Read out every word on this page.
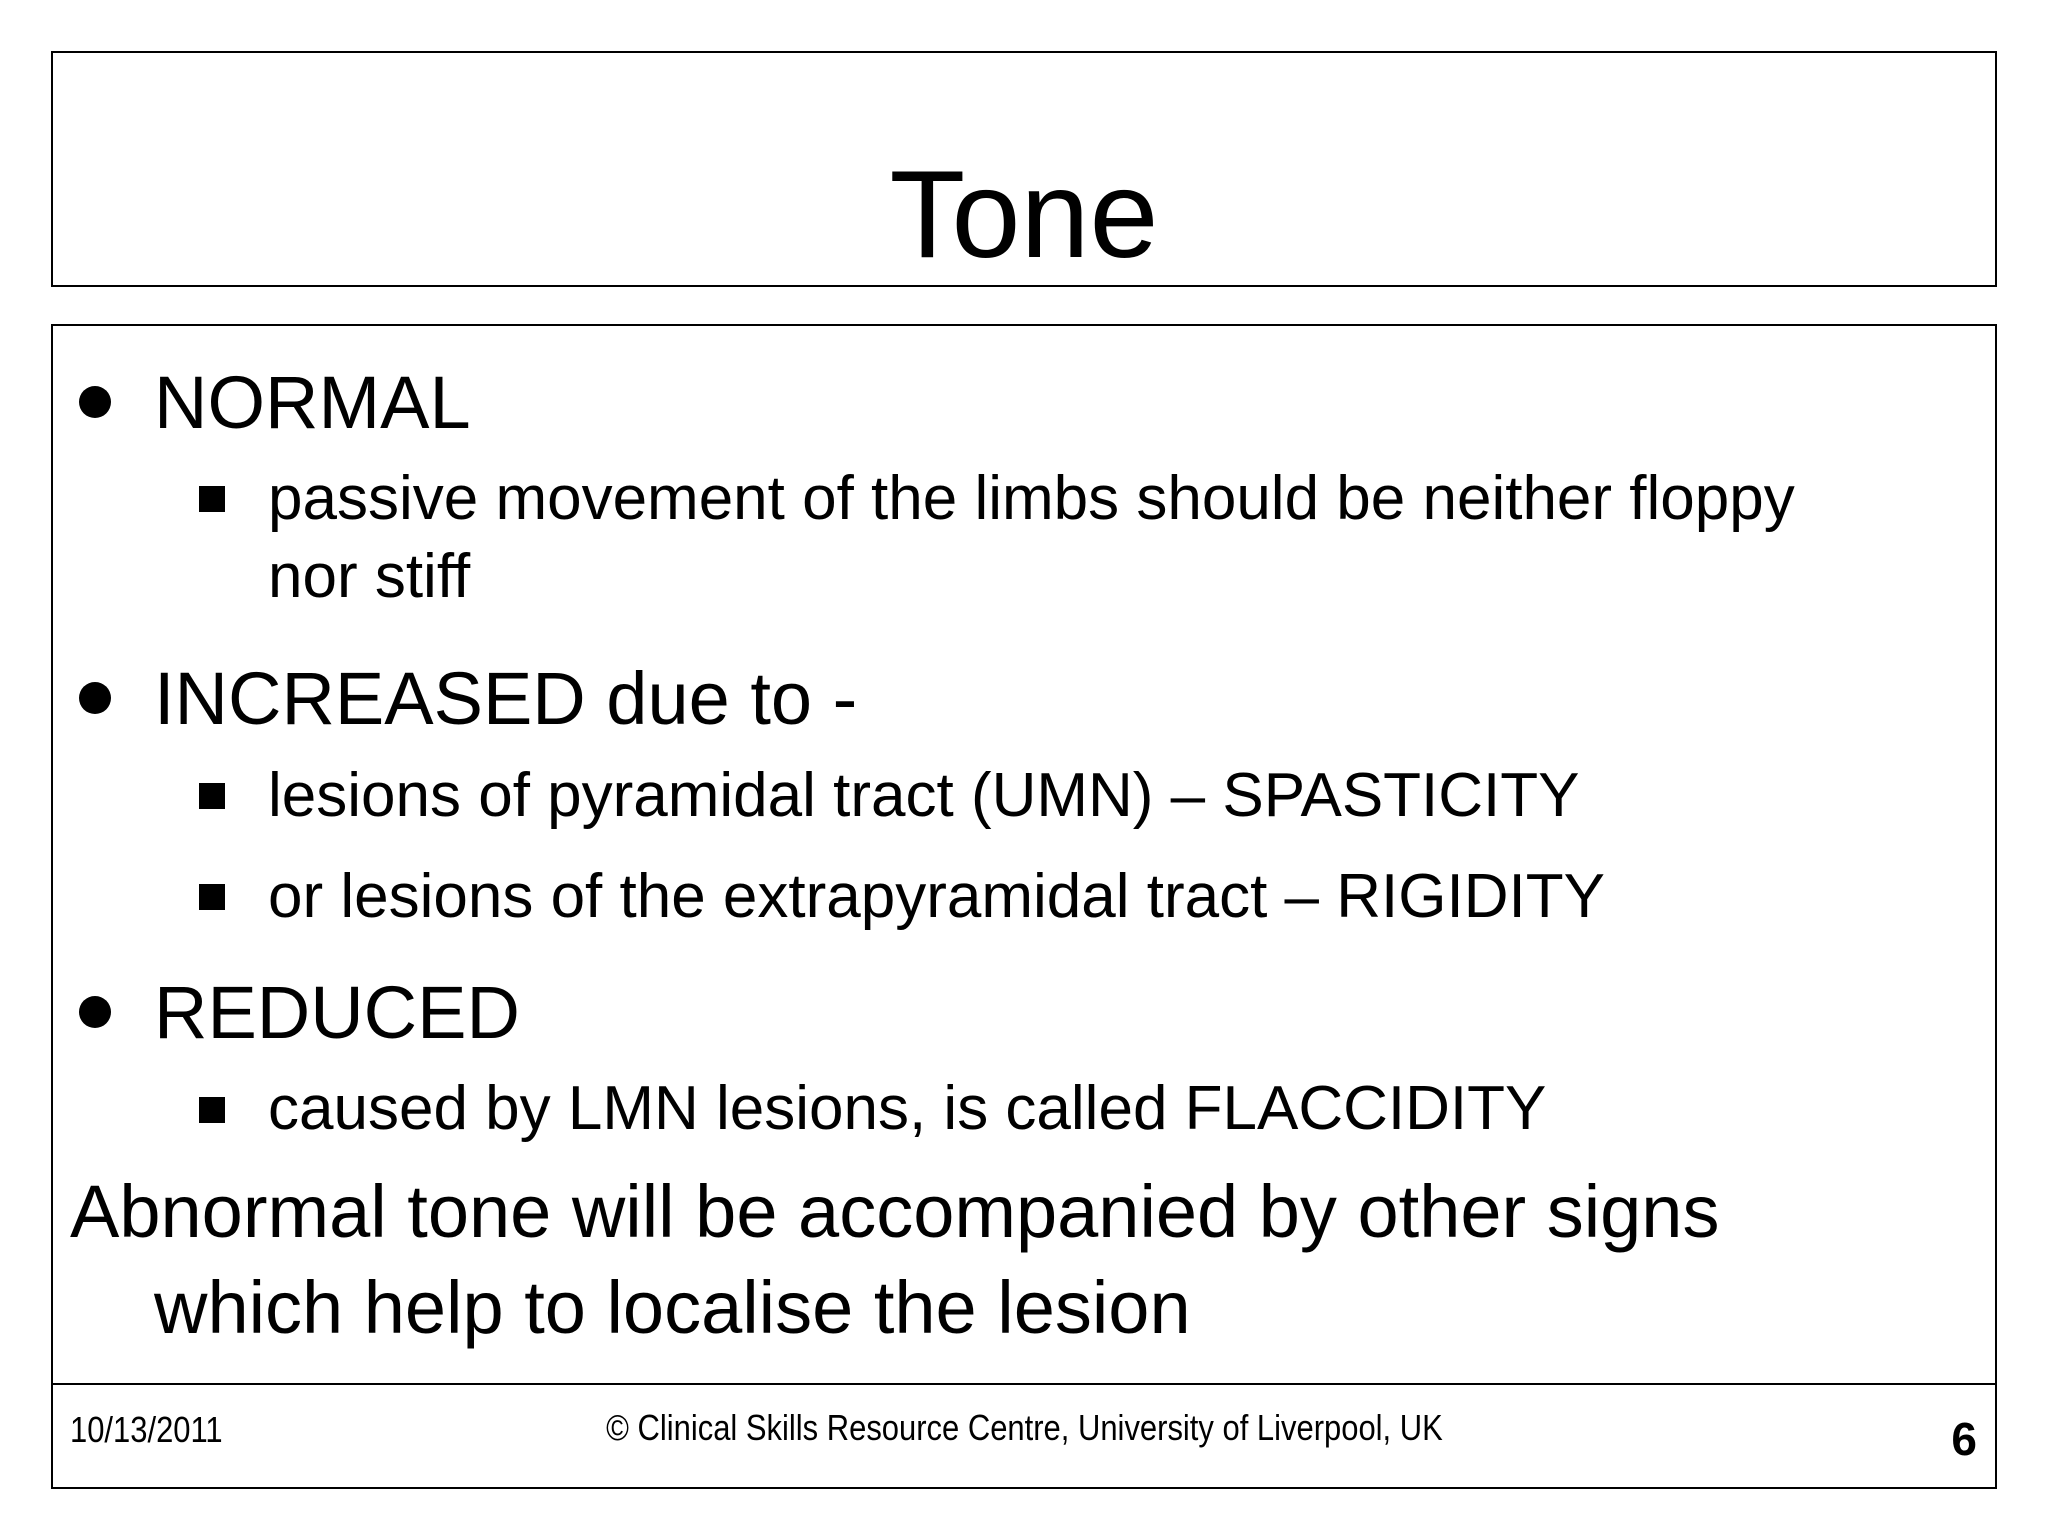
Tone
NORMAL
passive movement of the limbs should be neither floppy
nor stiff
INCREASED due to -
lesions of pyramidal tract (UMN) – SPASTICITY
or lesions of the extrapyramidal tract – RIGIDITY
REDUCED
caused by LMN lesions, is called FLACCIDITY
Abnormal tone will be accompanied by other signs
which help to localise the lesion
10/13/2011	© Clinical Skills Resource Centre, University of Liverpool, UK	6
